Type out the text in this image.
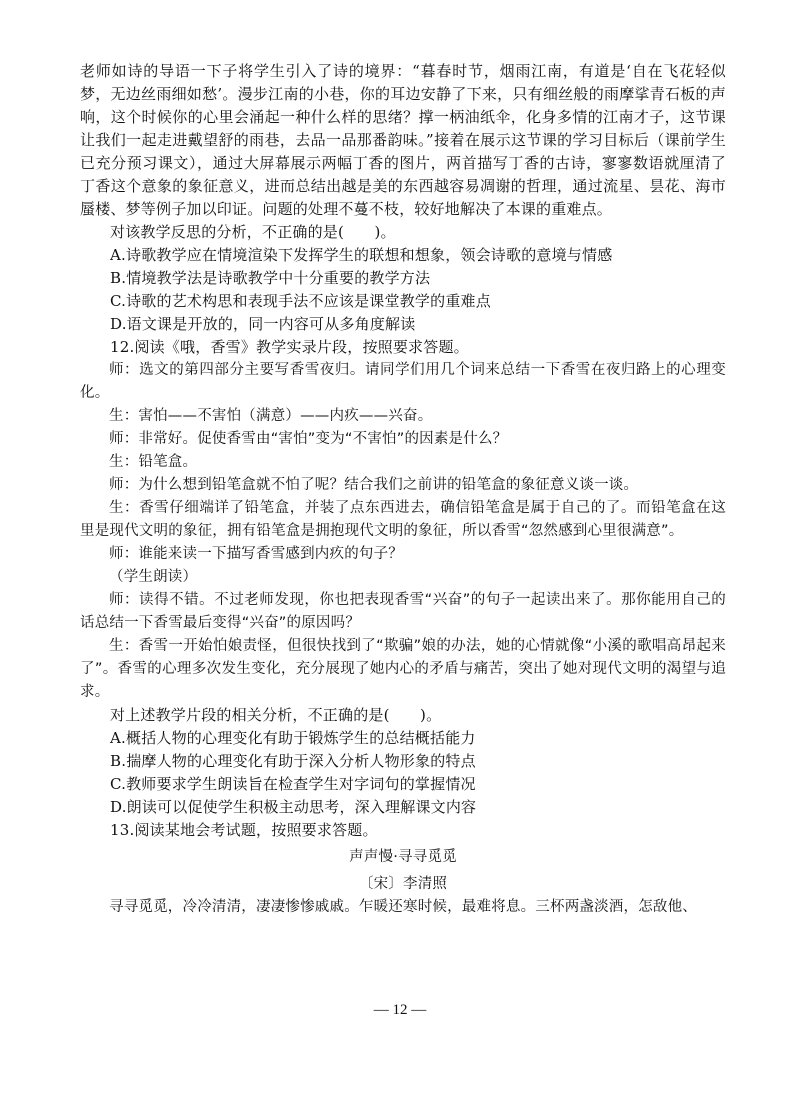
老师如诗的导语一下子将学生引入了诗的境界：“暮春时节，烟雨江南，有道是‘自在飞花轻似梦，无边丝雨细如愁’。漫步江南的小巷，你的耳边安静了下来，只有细丝般的雨摩挲青石板的声响，这个时候你的心里会涌起一种什么样的思绪？撑一柄油纸伞，化身多情的江南才子，这节课让我们一起走进戴望舒的雨巷，去品一品那番韵味。”接着在展示这节课的学习目标后（课前学生已充分预习课文），通过大屏幕展示两幅丁香的图片，两首描写丁香的古诗，寥寥数语就厘清了丁香这个意象的象征意义，进而总结出越是美的东西越容易凋谢的哲理，通过流星、昙花、海市蜃楼、梦等例子加以印证。问题的处理不蔓不枝，较好地解决了本课的重难点。

对该教学反思的分析，不正确的是(　　)。

A.诗歌教学应在情境渲染下发挥学生的联想和想象，领会诗歌的意境与情感

B.情境教学法是诗歌教学中十分重要的教学方法

C.诗歌的艺术构思和表现手法不应该是课堂教学的重难点

D.语文课是开放的，同一内容可从多角度解读

12.阅读《哦，香雪》教学实录片段，按照要求答题。

师：选文的第四部分主要写香雪夜归。请同学们用几个词来总结一下香雪在夜归路上的心理变化。

生：害怕——不害怕（满意）——内疚——兴奋。

师：非常好。促使香雪由“害怕”变为“不害怕”的因素是什么？

生：铅笔盒。

师：为什么想到铅笔盒就不怕了呢？结合我们之前讲的铅笔盒的象征意义谈一谈。

生：香雪仔细端详了铅笔盒，并装了点东西进去，确信铅笔盒是属于自己的了。而铅笔盒在这里是现代文明的象征，拥有铅笔盒是拥抱现代文明的象征，所以香雪“忽然感到心里很满意”。

师：谁能来读一下描写香雪感到内疚的句子？

（学生朗读）

师：读得不错。不过老师发现，你也把表现香雪“兴奋”的句子一起读出来了。那你能用自己的话总结一下香雪最后变得“兴奋”的原因吗？

生：香雪一开始怕娘责怪，但很快找到了“欺骗”娘的办法，她的心情就像“小溪的歌唱高昂起来了”。香雪的心理多次发生变化，充分展现了她内心的矛盾与痛苦，突出了她对现代文明的渴望与追求。

对上述教学片段的相关分析，不正确的是(　　)。

A.概括人物的心理变化有助于锻炼学生的总结概括能力

B.揣摩人物的心理变化有助于深入分析人物形象的特点

C.教师要求学生朗读旨在检查学生对字词句的掌握情况

D.朗读可以促使学生积极主动思考，深入理解课文内容

13.阅读某地会考试题，按照要求答题。

声声慢·寻寻觅觅

〔宋〕李清照

寻寻觅觅，冷冷清清，凄凄惨惨戚戚。乍暖还寒时候，最难将息。三杯两盏淡酒，怎敌他、

— 12 —
